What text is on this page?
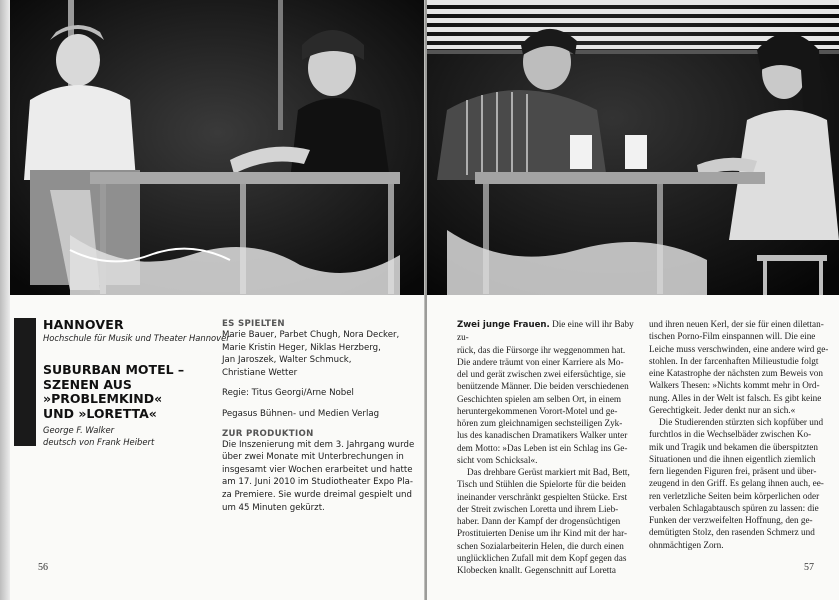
HANNOVER
Hochschule für Musik und Theater Hannover
SUBURBAN MOTEL –
SZENEN AUS
»PROBLEMKIND«
UND »LORETTA«
George F. Walker
deutsch von Frank Heibert

ES SPIELTEN

Marie Bauer, Parbet Chugh, Nora Decker,

Marie Kristin Heger, Niklas Herzberg,

Jan Jaroszek, Walter Schmuck,

Christiane Wetter

Regie: Titus Georgi/Arne Nobel

Pegasus Bühnen- und Medien Verlag

ZUR PRODUKTION

Die Inszenierung mit dem 3. Jahrgang wurde

über zwei Monate mit Unterbrechungen in

insgesamt vier Wochen erarbeitet und hatte

am 17. Juni 2010 im Studiotheater Expo Pla-

za Premiere. Sie wurde dreimal gespielt und

um 45 Minuten gekürzt.

56

Zwei junge Frauen. Die eine will ihr Baby zu-

rück, das die Fürsorge ihr weggenommen hat.

Die andere träumt von einer Karriere als Mo-

del und gerät zwischen zwei eifersüchtige, sie

benützende Männer. Die beiden verschiedenen

Geschichten spielen am selben Ort, in einem

heruntergekommenen Vorort-Motel und ge-

hören zum gleichnamigen sechsteiligen Zyk-

lus des kanadischen Dramatikers Walker unter

dem Motto: »Das Leben ist ein Schlag ins Ge-

sicht vom Schicksal«.

Das drehbare Gerüst markiert mit Bad, Bett,

Tisch und Stühlen die Spielorte für die beiden

ineinander verschränkt gespielten Stücke. Erst

der Streit zwischen Loretta und ihrem Lieb-

haber. Dann der Kampf der drogensüchtigen

Prostituierten Denise um ihr Kind mit der har-

schen Sozialarbeiterin Helen, die durch einen

unglücklichen Zufall mit dem Kopf gegen das

Klobecken knallt. Gegenschnitt auf Loretta

und ihren neuen Kerl, der sie für einen dilettan-

tischen Porno-Film einspannen will. Die eine

Leiche muss verschwinden, eine andere wird ge-

stohlen. In der farcenhaften Milieustudie folgt

eine Katastrophe der nächsten zum Beweis von

Walkers Thesen: »Nichts kommt mehr in Ord-

nung. Alles in der Welt ist falsch. Es gibt keine

Gerechtigkeit. Jeder denkt nur an sich.«

Die Studierenden stürzten sich kopfüber und

furchtlos in die Wechselbäder zwischen Ko-

mik und Tragik und bekamen die überspitzten

Situationen und die ihnen eigentlich ziemlich

fern liegenden Figuren frei, präsent und über-

zeugend in den Griff. Es gelang ihnen auch, ee-

ren verletzliche Seiten beim körperlichen oder

verbalen Schlagabtausch spüren zu lassen: die

Funken der verzweifelten Hoffnung, den ge-

demütigten Stolz, den rasenden Schmerz und

ohnmächtigen Zorn.

57
